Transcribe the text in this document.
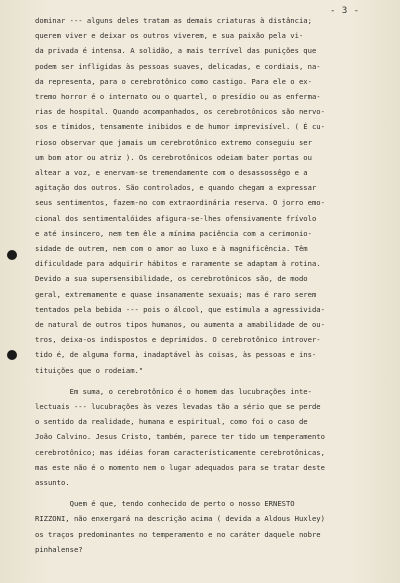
- 3 -
dominar --- alguns deles tratam as demais criaturas à distância;
querem viver e deixar os outros viverem, e sua paixão pela vi-
da privada é intensa. A solidão, a mais terrível das punições que
podem ser infligidas às pessoas suaves, delicadas, e cordiais, na-
da representa, para o cerebrotônico como castigo. Para ele o ex-
tremo horror é o internato ou o quartel, o presídio ou as enferma-
rias de hospital. Quando acompanhados, os cerebrotônicos são nervo-
sos e tímidos, tensamente inibidos e de humor imprevisível. ( É cu-
rioso observar que jamais um cerebrotônico extremo conseguiu ser
um bom ator ou atriz ). Os cerebrotônicos odeiam bater portas ou
altear a voz, e enervam-se tremendamente com o desassossêgo e a
agitação dos outros. São controlados, e quando chegam a expressar
seus sentimentos, fazem-no com extraordinária reserva. O jorro emo-
cional dos sentimentalóides afigura-se-lhes ofensivamente frívolo
e até insincero, nem tem êle a mínima paciência com a cerimonio-
sidade de outrem, nem com o amor ao luxo e à magnificência. Têm
dificuldade para adquirir hábitos e raramente se adaptam à rotina.
Devido a sua supersensibilidade, os cerebrotônicos são, de modo
geral, extremamente e quase insanamente sexuais; mas é raro serem
tentados pela bebida --- pois o álcool, que estimula a agressivida-
de natural de outros tipos humanos, ou aumenta a amabilidade de ou-
tros, deixa-os indispostos e deprimidos. O cerebrotônico introver-
tido é, de alguma forma, inadaptável às coisas, às pessoas e ins-
tituições que o rodeiam."
Em suma, o cerebrotônico é o homem das lucubrações inte-
lectuais --- lucubrações às vezes levadas tão a sério que se perde
o sentido da realidade, humana e espiritual, como foi o caso de
João Calvino. Jesus Cristo, também, parece ter tido um temperamento
cerebrotônico; mas idéias foram característicamente cerebrotônicas,
mas este não é o momento nem o lugar adequados para se tratar deste
assunto.
Quem é que, tendo conhecido de perto o nosso ERNESTO
RIZZONI, não enxergará na descrição acima ( devida a Aldous Huxley)
os traços predominantes no temperamento e no caráter daquele nobre
pinhalense?
